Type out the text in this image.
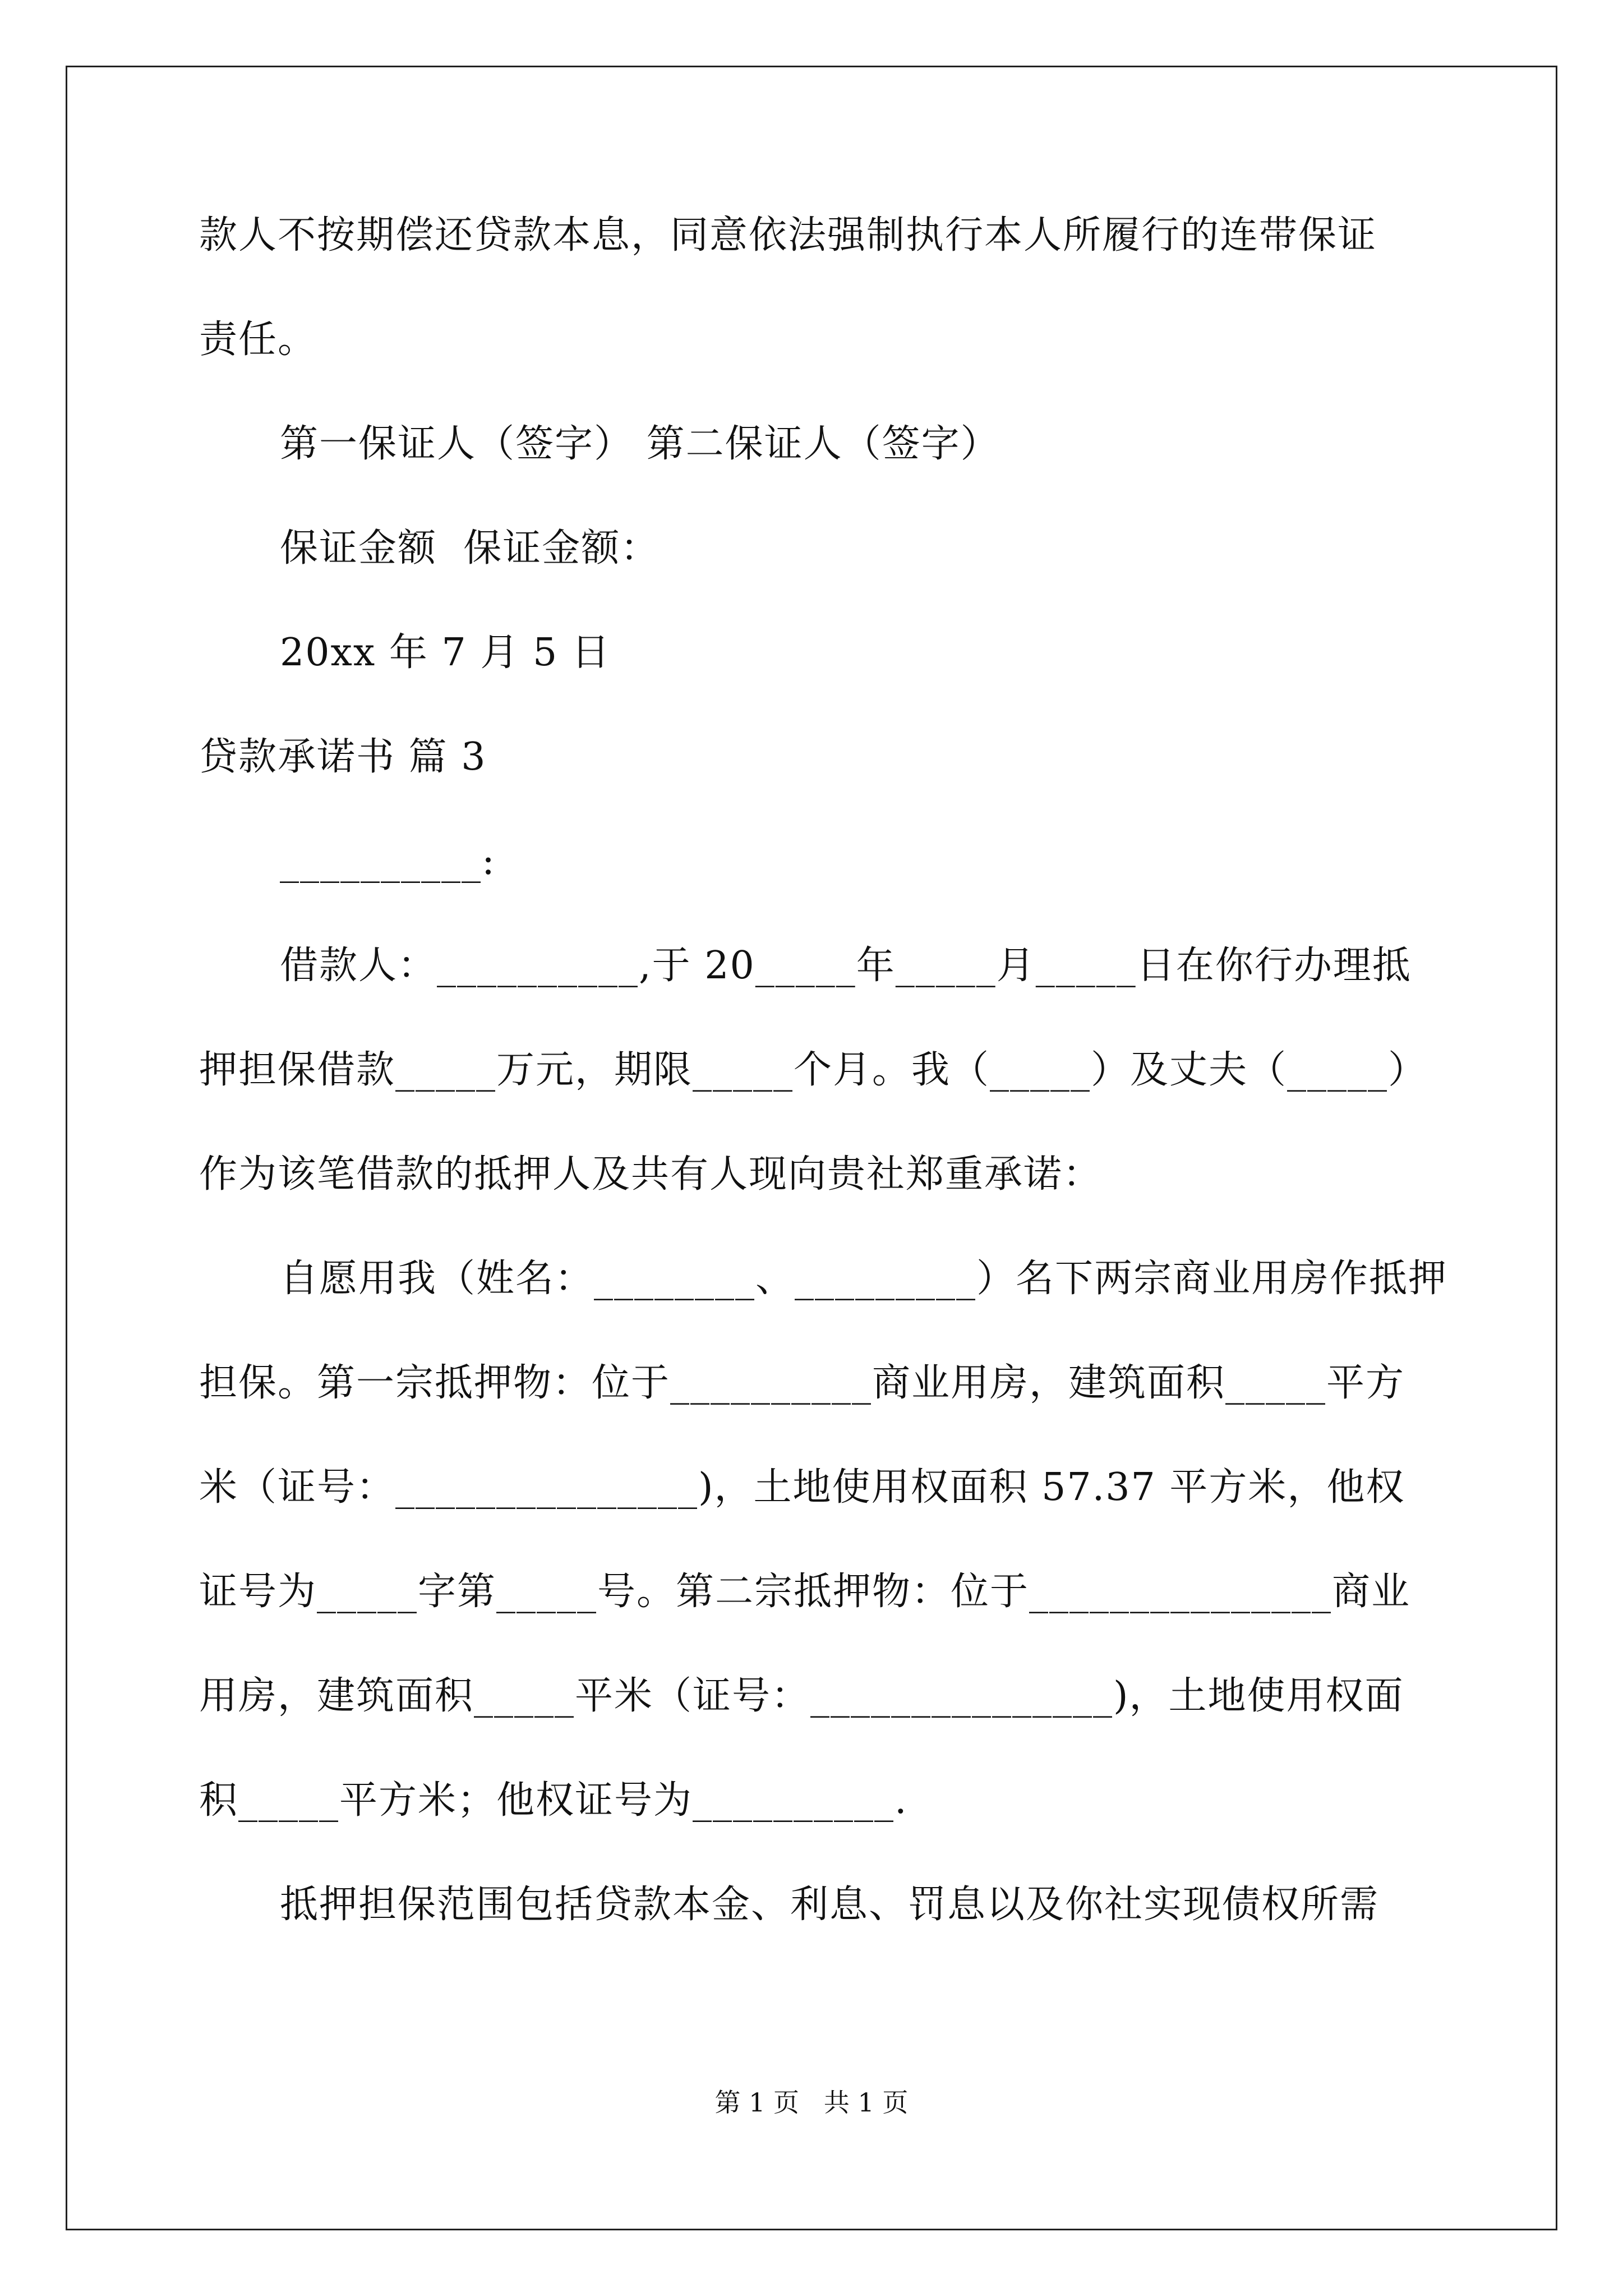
款人不按期偿还贷款本息，同意依法强制执行本人所履行的连带保证
责任。
第一保证人（签字） 第二保证人（签字）
保证金额  保证金额：
20xx 年 7 月 5 日
贷款承诺书 篇 3
__________:
借款人：__________,于 20_____年_____月_____日在你行办理抵
押担保借款_____万元，期限_____个月。我（_____）及丈夫（_____）
作为该笔借款的抵押人及共有人现向贵社郑重承诺：
自愿用我（姓名：________、_________）名下两宗商业用房作抵押
担保。第一宗抵押物：位于__________商业用房，建筑面积_____平方
米（证号：_______________)，土地使用权面积 57.37 平方米，他权
证号为_____字第_____号。第二宗抵押物：位于_______________商业
用房，建筑面积_____平米（证号：_______________)，土地使用权面
积_____平方米；他权证号为__________.
抵押担保范围包括贷款本金、利息、罚息以及你社实现债权所需
第 1 页   共 1 页
